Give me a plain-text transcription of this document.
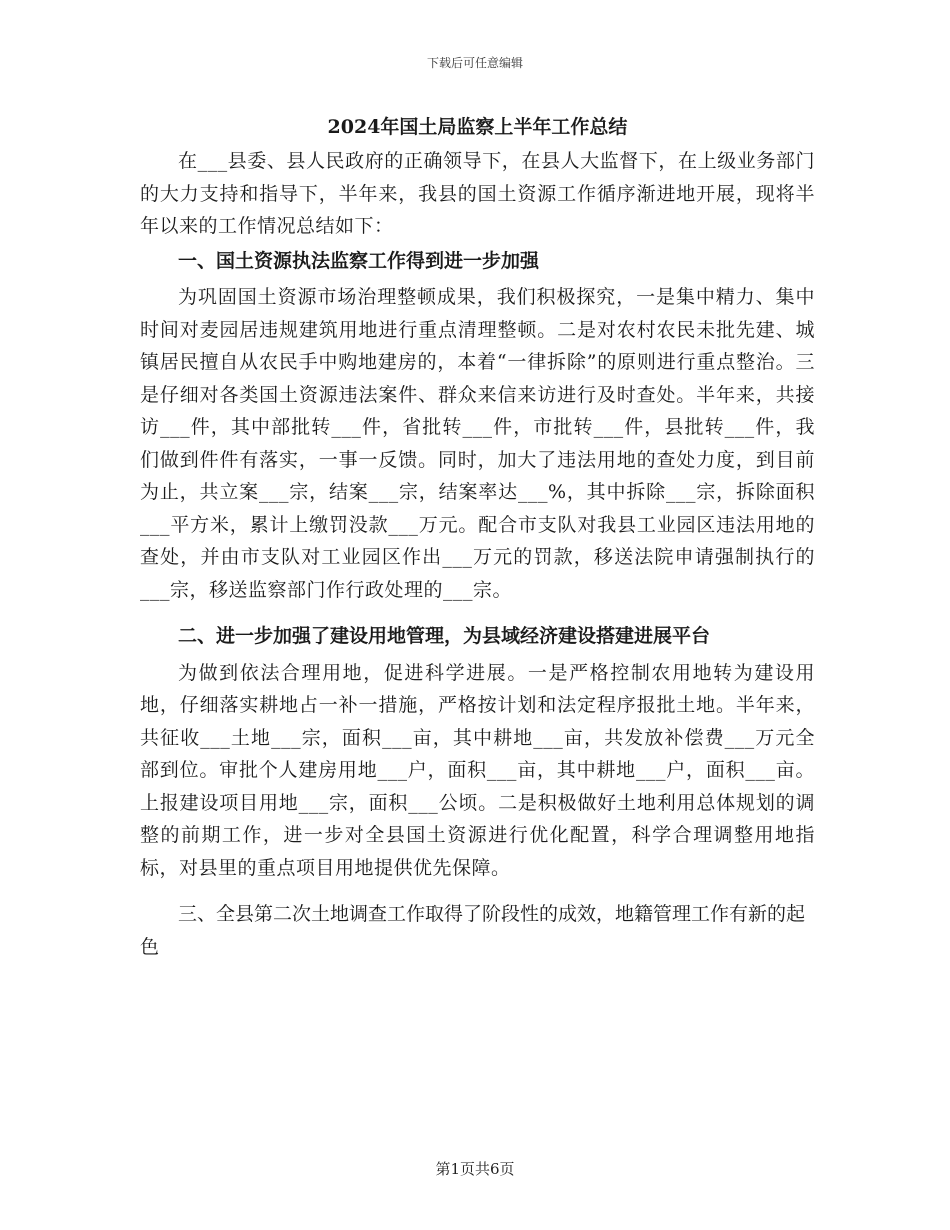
下载后可任意编辑
2024年国土局监察上半年工作总结

在___县委、县人民政府的正确领导下，在县人大监督下，在上级业务部门的大力支持和指导下，半年来，我县的国土资源工作循序渐进地开展，现将半年以来的工作情况总结如下：

一、国土资源执法监察工作得到进一步加强

为巩固国土资源市场治理整顿成果，我们积极探究，一是集中精力、集中时间对麦园居违规建筑用地进行重点清理整顿。二是对农村农民未批先建、城镇居民擅自从农民手中购地建房的，本着“一律拆除”的原则进行重点整治。三是仔细对各类国土资源违法案件、群众来信来访进行及时查处。半年来，共接访___件，其中部批转___件，省批转___件，市批转___件，县批转___件，我们做到件件有落实，一事一反馈。同时，加大了违法用地的查处力度，到目前为止，共立案___宗，结案___宗，结案率达___%，其中拆除___宗，拆除面积___平方米，累计上缴罚没款___万元。配合市支队对我县工业园区违法用地的查处，并由市支队对工业园区作出___万元的罚款，移送法院申请强制执行的___宗，移送监察部门作行政处理的___宗。

二、进一步加强了建设用地管理，为县域经济建设搭建进展平台

为做到依法合理用地，促进科学进展。一是严格控制农用地转为建设用地，仔细落实耕地占一补一措施，严格按计划和法定程序报批土地。半年来，共征收___土地___宗，面积___亩，其中耕地___亩，共发放补偿费___万元全部到位。审批个人建房用地___户，面积___亩，其中耕地___户，面积___亩。上报建设项目用地___宗，面积___公顷。二是积极做好土地利用总体规划的调整的前期工作，进一步对全县国土资源进行优化配置，科学合理调整用地指标，对县里的重点项目用地提供优先保障。

三、全县第二次土地调查工作取得了阶段性的成效，地籍管理工作有新的起色

第1页共6页
